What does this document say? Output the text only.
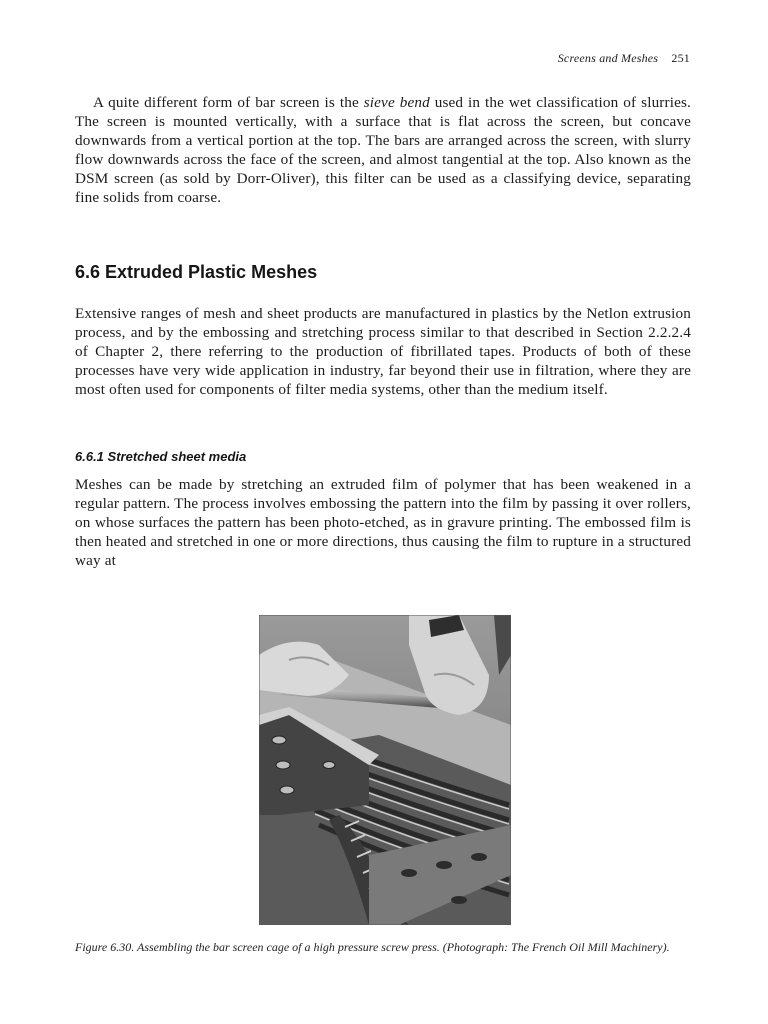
Screens and Meshes 251

A quite different form of bar screen is the sieve bend used in the wet classification of slurries. The screen is mounted vertically, with a surface that is flat across the screen, but concave downwards from a vertical portion at the top. The bars are arranged across the screen, with slurry flow downwards across the face of the screen, and almost tangential at the top. Also known as the DSM screen (as sold by Dorr-Oliver), this filter can be used as a classifying device, separating fine solids from coarse.

6.6 Extruded Plastic Meshes

Extensive ranges of mesh and sheet products are manufactured in plastics by the Netlon extrusion process, and by the embossing and stretching process similar to that described in Section 2.2.2.4 of Chapter 2, there referring to the production of fibrillated tapes. Products of both of these processes have very wide application in industry, far beyond their use in filtration, where they are most often used for components of filter media systems, other than the medium itself.

6.6.1 Stretched sheet media

Meshes can be made by stretching an extruded film of polymer that has been weakened in a regular pattern. The process involves embossing the pattern into the film by passing it over rollers, on whose surfaces the pattern has been photo-etched, as in gravure printing. The embossed film is then heated and stretched in one or more directions, thus causing the film to rupture in a structured way at

Figure 6.30. Assembling the bar screen cage of a high pressure screw press. (Photograph: The French Oil Mill Machinery).
